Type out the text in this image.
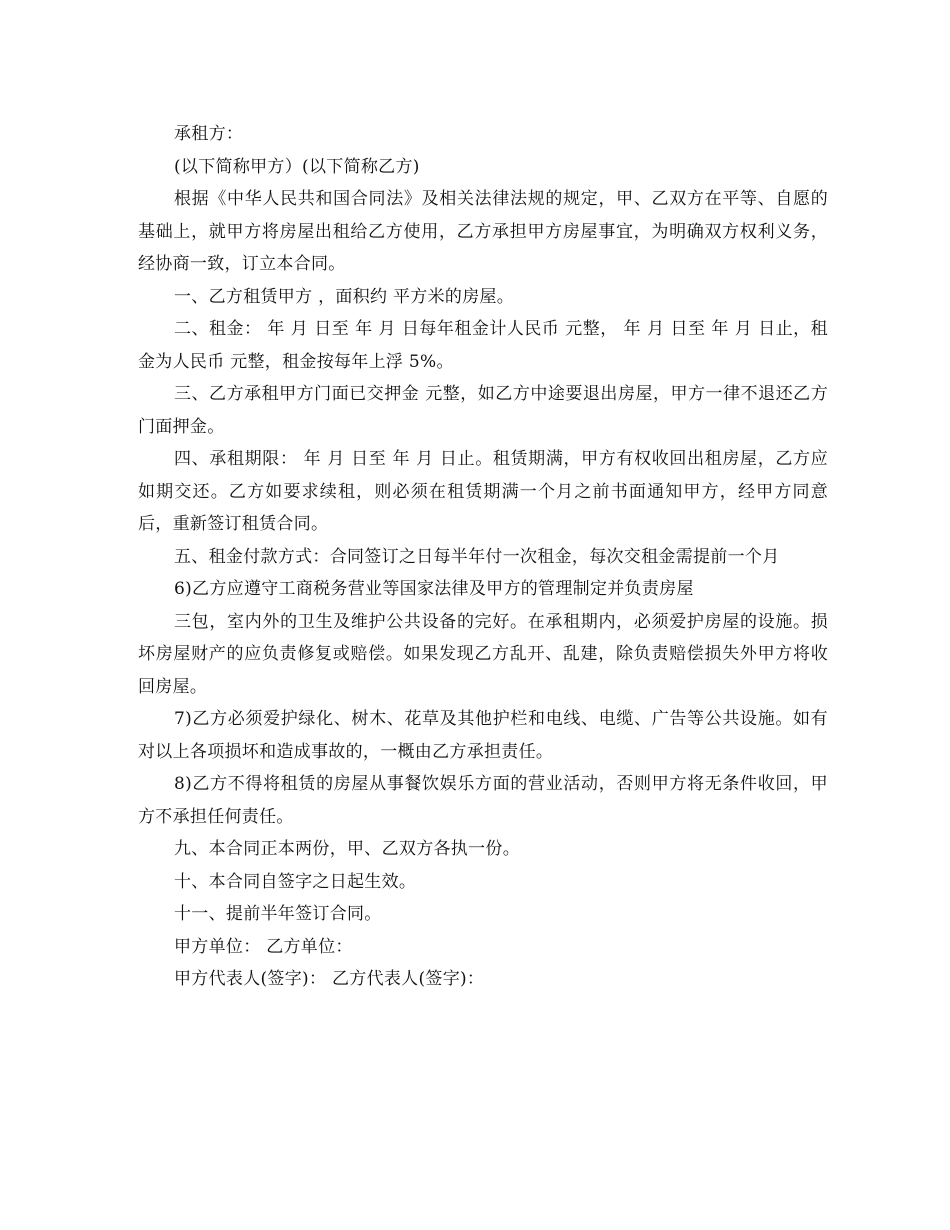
承租方：

(以下简称甲方）(以下简称乙方)

根据《中华人民共和国合同法》及相关法律法规的规定，甲、乙双方在平等、自愿的基础上，就甲方将房屋出租给乙方使用，乙方承担甲方房屋事宜，为明确双方权利义务，经协商一致，订立本合同。

一、乙方租赁甲方 ，面积约 平方米的房屋。

二、租金： 年 月 日至 年 月 日每年租金计人民币 元整， 年 月 日至 年 月 日止，租金为人民币 元整，租金按每年上浮 5%。

三、乙方承租甲方门面已交押金 元整，如乙方中途要退出房屋，甲方一律不退还乙方门面押金。

四、承租期限： 年 月 日至 年 月 日止。租赁期满，甲方有权收回出租房屋，乙方应如期交还。乙方如要求续租，则必须在租赁期满一个月之前书面通知甲方，经甲方同意后，重新签订租赁合同。

五、租金付款方式：合同签订之日每半年付一次租金，每次交租金需提前一个月

6)乙方应遵守工商税务营业等国家法律及甲方的管理制定并负责房屋

三包，室内外的卫生及维护公共设备的完好。在承租期内，必须爱护房屋的设施。损坏房屋财产的应负责修复或赔偿。如果发现乙方乱开、乱建，除负责赔偿损失外甲方将收回房屋。

7)乙方必须爱护绿化、树木、花草及其他护栏和电线、电缆、广告等公共设施。如有对以上各项损坏和造成事故的，一概由乙方承担责任。

8)乙方不得将租赁的房屋从事餐饮娱乐方面的营业活动，否则甲方将无条件收回，甲方不承担任何责任。

九、本合同正本两份，甲、乙双方各执一份。

十、本合同自签字之日起生效。

十一、提前半年签订合同。

甲方单位： 乙方单位：

甲方代表人(签字)： 乙方代表人(签字)：
